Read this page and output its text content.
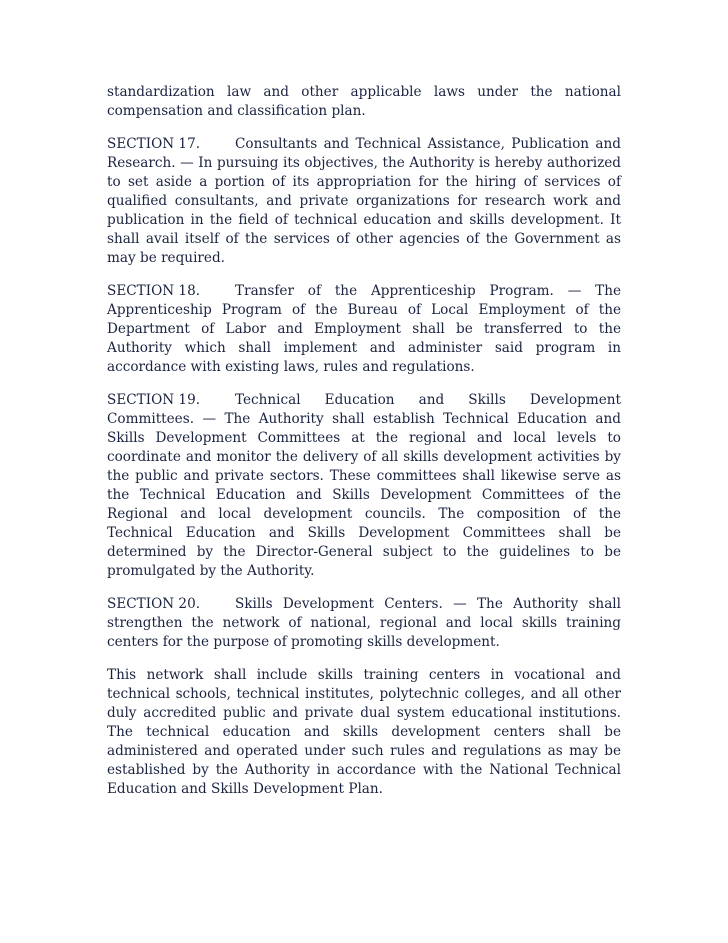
standardization law and other applicable laws under the national compensation and classification plan.

SECTION 17.	Consultants and Technical Assistance, Publication and Research. — In pursuing its objectives, the Authority is hereby authorized to set aside a portion of its appropriation for the hiring of services of qualified consultants, and private organizations for research work and publication in the field of technical education and skills development. It shall avail itself of the services of other agencies of the Government as may be required.

SECTION 18.	Transfer of the Apprenticeship Program. — The Apprenticeship Program of the Bureau of Local Employment of the Department of Labor and Employment shall be transferred to the Authority which shall implement and administer said program in accordance with existing laws, rules and regulations.

SECTION 19.	Technical Education and Skills Development Committees. — The Authority shall establish Technical Education and Skills Development Committees at the regional and local levels to coordinate and monitor the delivery of all skills development activities by the public and private sectors. These committees shall likewise serve as the Technical Education and Skills Development Committees of the Regional and local development councils. The composition of the Technical Education and Skills Development Committees shall be determined by the Director-General subject to the guidelines to be promulgated by the Authority.

SECTION 20.	Skills Development Centers. — The Authority shall strengthen the network of national, regional and local skills training centers for the purpose of promoting skills development.

This network shall include skills training centers in vocational and technical schools, technical institutes, polytechnic colleges, and all other duly accredited public and private dual system educational institutions. The technical education and skills development centers shall be administered and operated under such rules and regulations as may be established by the Authority in accordance with the National Technical Education and Skills Development Plan.
